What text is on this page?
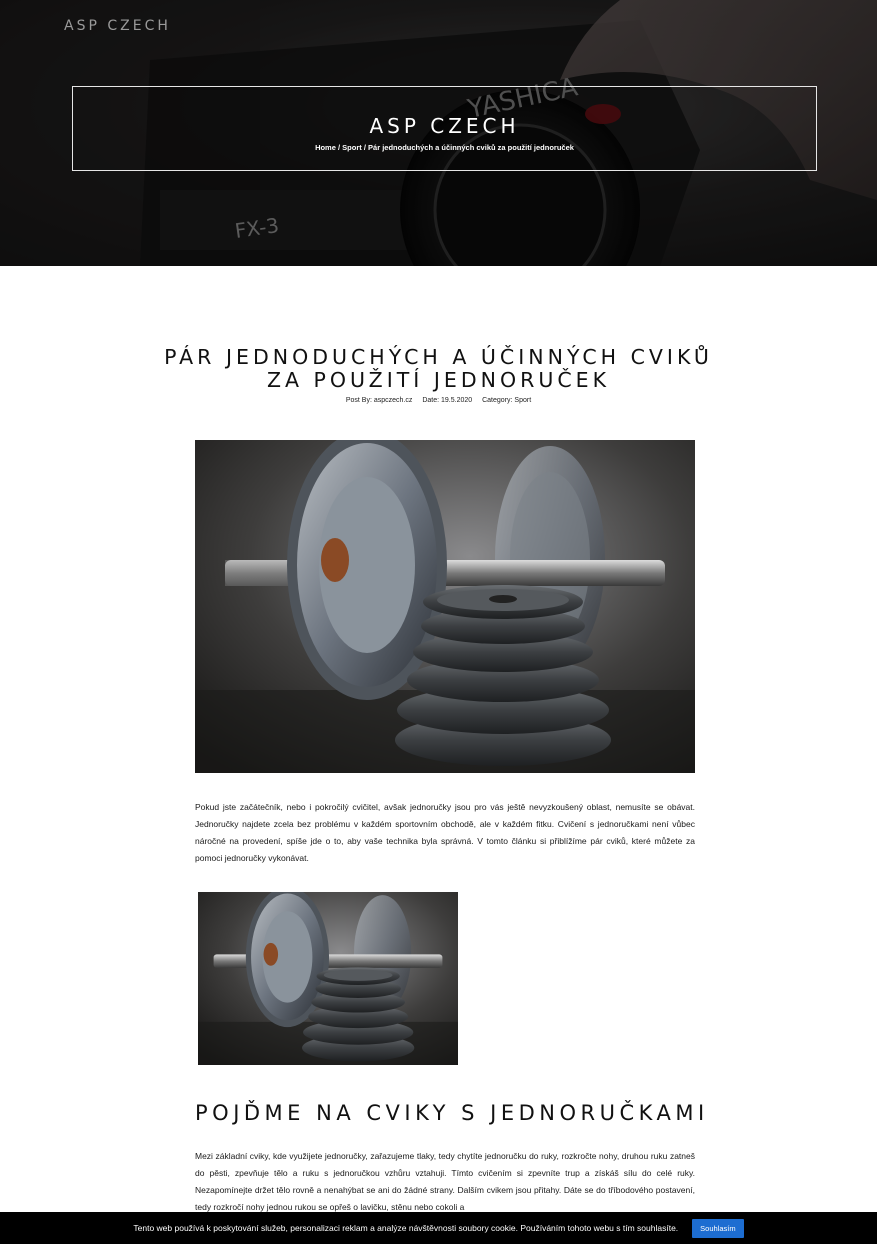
YASHICA
FX-3
ASP CZECH
ASP CZECH
Home / Sport / Pár jednoduchých a účinných cviků za použití jednoruček
PÁR JEDNODUCHÝCH A ÚČINNÝCH CVIKŮ ZA POUŽITÍ JEDNORUČEK
Post By: aspczech.cz Date: 19.5.2020 Category: Sport

Pokud jste začátečník, nebo i pokročilý cvičitel, avšak jednoručky jsou pro vás ještě nevyzkoušený oblast, nemusíte se obávat. Jednoručky najdete zcela bez problému v každém sportovním obchodě, ale v každém fitku. Cvičení s jednoručkami není vůbec náročné na provedení, spíše jde o to, aby vaše technika byla správná. V tomto článku si přiblížíme pár cviků, které můžete za pomoci jednoručky vykonávat.

POJĎME NA CVIKY S JEDNORUČKAMI

Mezi základní cviky, kde využijete jednoručky, zařazujeme tlaky, tedy chytíte jednoručku do ruky, rozkročte nohy, druhou ruku zatneš do pěsti, zpevňuje tělo a ruku s jednoručkou vzhůru vztahuji. Tímto cvičením si zpevníte trup a získáš sílu do celé ruky. Nezapomínejte držet tělo rovně a nenahýbat se ani do žádné strany. Dalším cvikem jsou přitahy. Dáte se do tříbodového postavení, tedy rozkročí nohy jednou rukou se opřeš o lavičku, stěnu nebo cokoli a

Tento web používá k poskytování služeb, personalizaci reklam a analýze návštěvnosti soubory cookie. Používáním tohoto webu s tím souhlasíte.	Souhlasím
